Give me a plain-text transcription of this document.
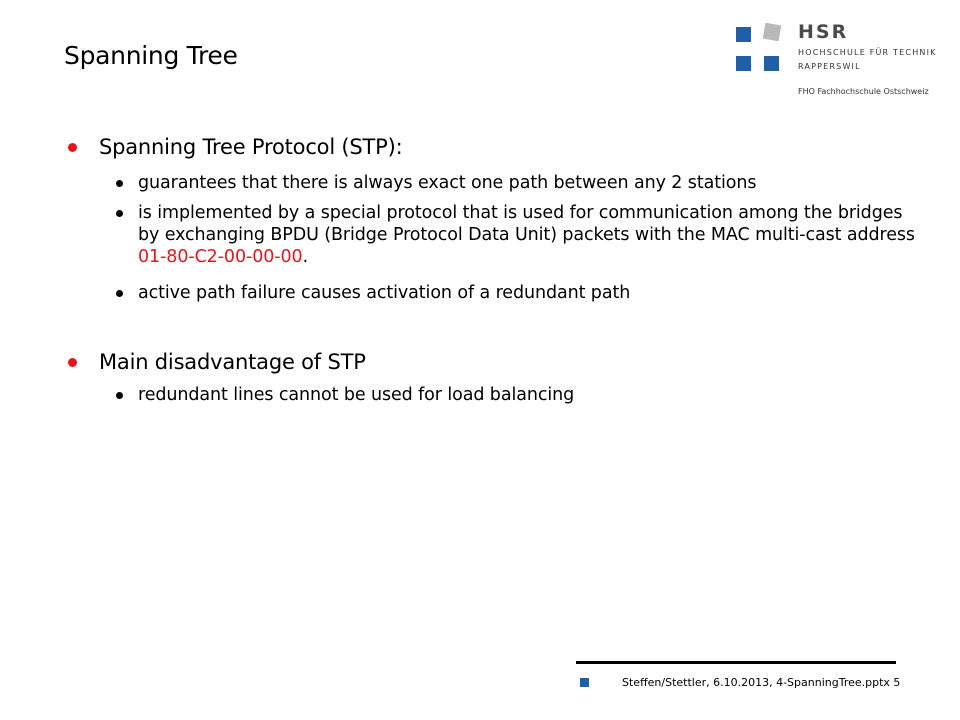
Spanning Tree
HSR
HOCHSCHULE FÜR TECHNIK
RAPPERSWIL
FHO Fachhochschule Ostschweiz
Spanning Tree Protocol (STP):
guarantees that there is always exact one path between any 2 stations
is implemented by a special protocol that is used for communication among the bridges by exchanging BPDU (Bridge Protocol Data Unit) packets with the MAC multi-cast address 01-80-C2-00-00-00.
active path failure causes activation of a redundant path
Main disadvantage of STP
redundant lines cannot be used for load balancing
Steffen/Stettler, 6.10.2013, 4-SpanningTree.pptx 5
